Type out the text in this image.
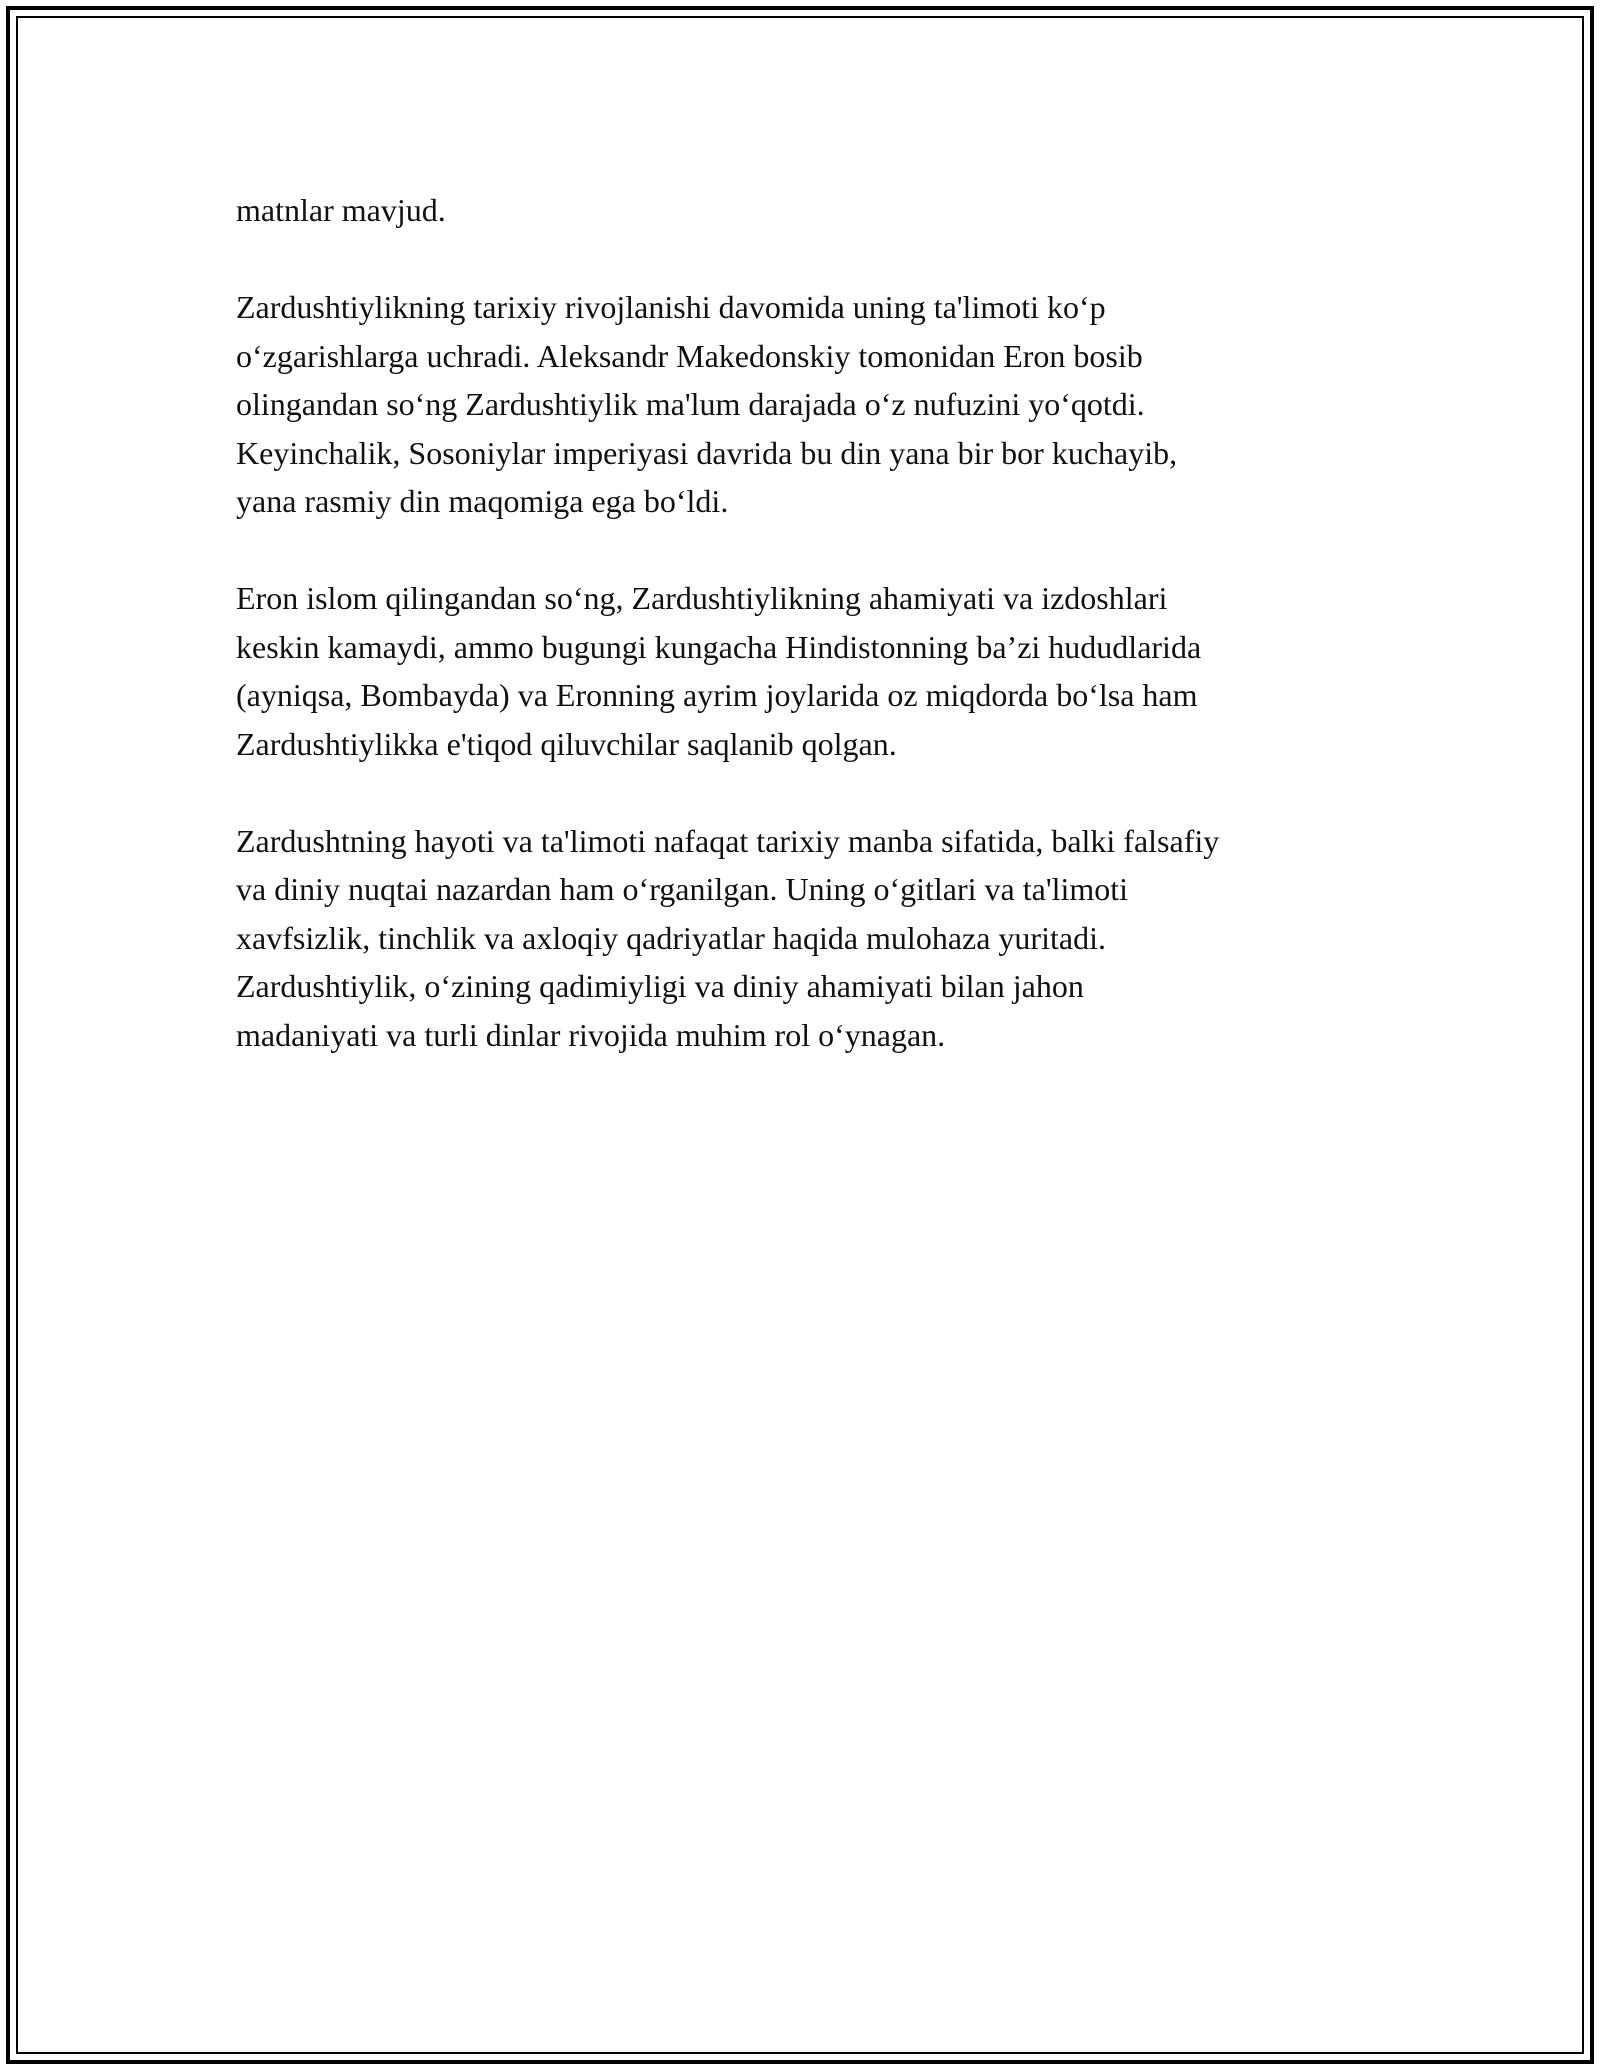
matnlar mavjud.

Zardushtiylikning tarixiy rivojlanishi davomida uning ta'limoti koʻp
oʻzgarishlarga uchradi. Aleksandr Makedonskiy tomonidan Eron bosib
olingandan soʻng Zardushtiylik ma'lum darajada oʻz nufuzini yoʻqotdi.
Keyinchalik, Sosoniylar imperiyasi davrida bu din yana bir bor kuchayib,
yana rasmiy din maqomiga ega boʻldi.

Eron islom qilingandan soʻng, Zardushtiylikning ahamiyati va izdoshlari
keskin kamaydi, ammo bugungi kungacha Hindistonning ba’zi hududlarida
(ayniqsa, Bombayda) va Eronning ayrim joylarida oz miqdorda boʻlsa ham
Zardushtiylikka e'tiqod qiluvchilar saqlanib qolgan.

Zardushtning hayoti va ta'limoti nafaqat tarixiy manba sifatida, balki falsafiy
va diniy nuqtai nazardan ham oʻrganilgan. Uning oʻgitlari va ta'limoti
xavfsizlik, tinchlik va axloqiy qadriyatlar haqida mulohaza yuritadi.
Zardushtiylik, oʻzining qadimiyligi va diniy ahamiyati bilan jahon
madaniyati va turli dinlar rivojida muhim rol oʻynagan.
